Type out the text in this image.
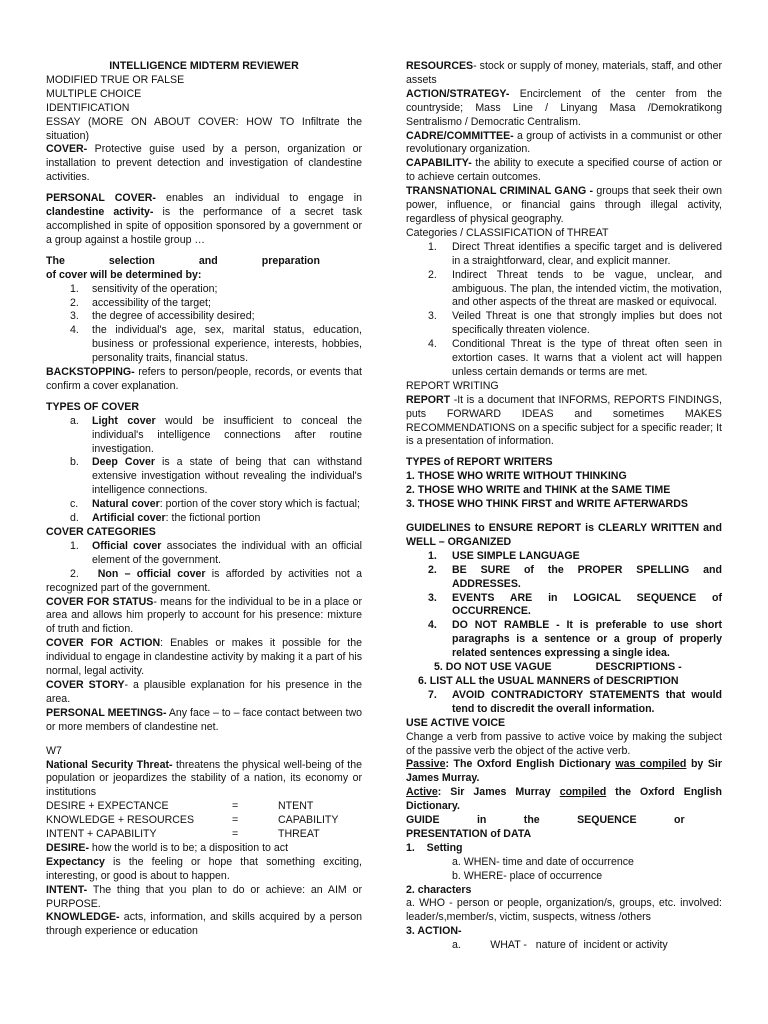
INTELLIGENCE MIDTERM REVIEWER
MODIFIED TRUE OR FALSE
MULTIPLE CHOICE
IDENTIFICATION

ESSAY (MORE ON ABOUT COVER: HOW TO Infiltrate the situation)

COVER- Protective guise used by a person, organization or installation to prevent detection and investigation of clandestine activities.

PERSONAL COVER- enables an individual to engage in clandestine activity- is the performance of a secret task accomplished in spite of opposition sponsored by a government or a group against a hostile group …

The	selection	and	preparation
of cover will be determined by:
1.	sensitivity of the operation;
2.	accessibility of the target;
3.	the degree of accessibility desired;
4.	the individual's age, sex, marital status, education, business or professional experience, interests, hobbies, personality traits, financial status.

BACKSTOPPING- refers to person/people, records, or events that confirm a cover explanation.

TYPES OF COVER
a.	Light cover would be insufficient to conceal the individual's intelligence connections after routine investigation.
b.	Deep Cover is a state of being that can withstand extensive investigation without revealing the individual's intelligence connections.
c.	Natural cover: portion of the cover story which is factual;
d.	Artificial cover: the fictional portion
COVER CATEGORIES
1.	Official cover associates the individual with an official element of the government.

2. Non – official cover is afforded by activities not a recognized part of the government.

COVER FOR STATUS- means for the individual to be in a place or area and allows him properly to account for his presence: mixture of truth and fiction.

COVER FOR ACTION: Enables or makes it possible for the individual to engage in clandestine activity by making it a part of his normal, legal activity.

COVER STORY- a plausible explanation for his presence in the area.

PERSONAL MEETINGS- Any face – to – face contact between two or more members of clandestine net.

W7

National Security Threat- threatens the physical well-being of the population or jeopardizes the stability of a nation, its economy or institutions

DESIRE + EXPECTANCE	=	NTENT
KNOWLEDGE + RESOURCES	=	CAPABILITY
INTENT + CAPABILITY	=	THREAT

DESIRE- how the world is to be; a disposition to act

Expectancy is the feeling or hope that something exciting, interesting, or good is about to happen.

INTENT- The thing that you plan to do or achieve: an AIM or PURPOSE.

KNOWLEDGE- acts, information, and skills acquired by a person through experience or education

RESOURCES- stock or supply of money, materials, staff, and other assets

ACTION/STRATEGY- Encirclement of the center from the countryside; Mass Line / Linyang Masa /Demokratikong Sentralismo / Democratic Centralism.

CADRE/COMMITTEE- a group of activists in a communist or other revolutionary organization.

CAPABILITY- the ability to execute a specified course of action or to achieve certain outcomes.

TRANSNATIONAL CRIMINAL GANG - groups that seek their own power, influence, or financial gains through illegal activity, regardless of physical geography.

Categories / CLASSIFICATION of THREAT
1.	Direct Threat identifies a specific target and is delivered in a straightforward, clear, and explicit manner.
2.	Indirect Threat tends to be vague, unclear, and ambiguous. The plan, the intended victim, the motivation, and other aspects of the threat are masked or equivocal.
3.	Veiled Threat is one that strongly implies but does not specifically threaten violence.
4.	Conditional Threat is the type of threat often seen in extortion cases. It warns that a violent act will happen unless certain demands or terms are met.
REPORT WRITING

REPORT -It is a document that INFORMS, REPORTS FINDINGS, puts FORWARD IDEAS and sometimes MAKES RECOMMENDATIONS on a specific subject for a specific reader; It is a presentation of information.

TYPES of REPORT WRITERS
1. THOSE WHO WRITE WITHOUT THINKING
2. THOSE WHO WRITE and THINK at the SAME TIME
3. THOSE WHO THINK FIRST and WRITE AFTERWARDS

GUIDELINES to ENSURE REPORT is CLEARLY WRITTEN and WELL – ORGANIZED

1.	USE SIMPLE LANGUAGE
2.	BE SURE of the PROPER SPELLING and ADDRESSES.
3.	EVENTS ARE in LOGICAL SEQUENCE of OCCURRENCE.
4.	DO NOT RAMBLE - It is preferable to use short paragraphs is a sentence or a group of properly related sentences expressing a single idea.
5. DO NOT USE VAGUE               DESCRIPTIONS -
6. LIST ALL the USUAL MANNERS of DESCRIPTION
7.	AVOID CONTRADICTORY STATEMENTS that would tend to discredit the overall information.
USE ACTIVE VOICE

Change a verb from passive to active voice by making the subject of the passive verb the object of the active verb.

Passive: The Oxford English Dictionary was compiled by Sir James Murray.

Active: Sir James Murray compiled the Oxford English Dictionary.

GUIDE	in	the	SEQUENCE	or
PRESENTATION of DATA
1. Setting
a. WHEN- time and date of occurrence
b. WHERE- place of occurrence
2. characters

a. WHO - person or people, organization/s, groups, etc. involved: leader/s,member/s, victim, suspects, witness /others

3. ACTION-
a.	WHAT -   nature of  incident or activity
